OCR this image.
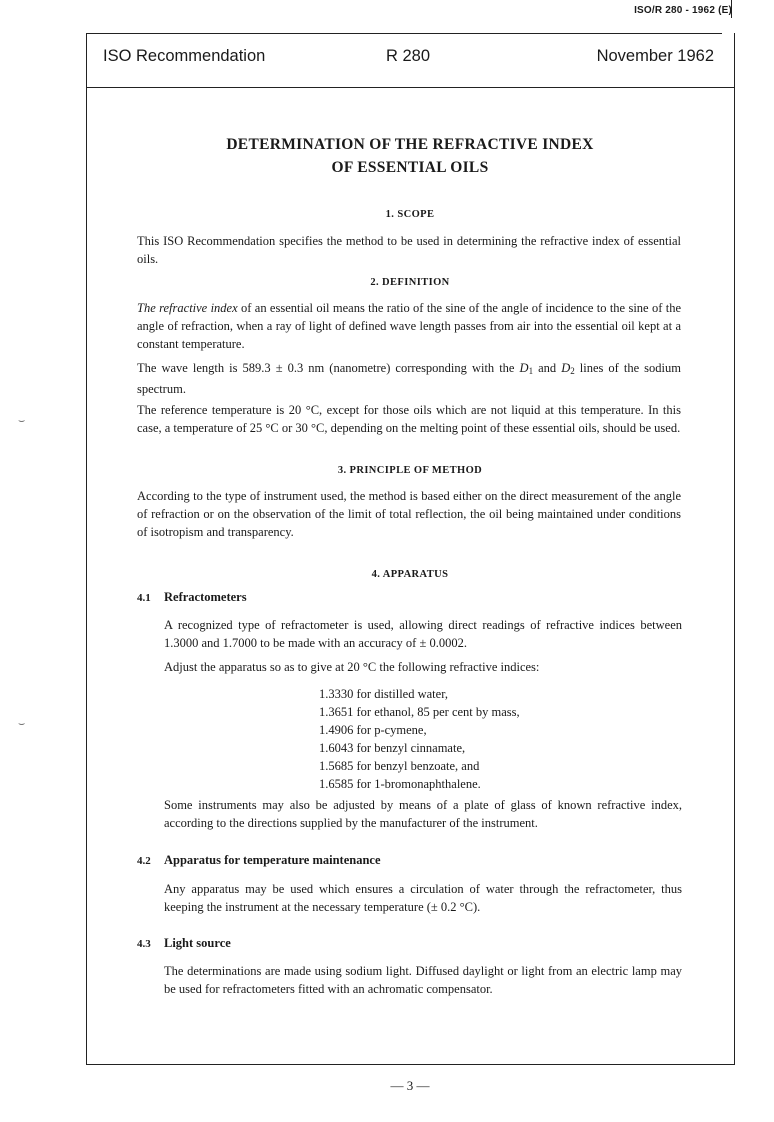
ISO/R 280 - 1962 (E)
ISO Recommendation	R 280	November 1962
DETERMINATION OF THE REFRACTIVE INDEX
OF ESSENTIAL OILS
1. SCOPE
This ISO Recommendation specifies the method to be used in determining the refractive index of essential oils.
2. DEFINITION
The refractive index of an essential oil means the ratio of the sine of the angle of incidence to the sine of the angle of refraction, when a ray of light of defined wave length passes from air into the essential oil kept at a constant temperature.
The wave length is 589.3 ± 0.3 nm (nanometre) corresponding with the $D_1$ and $D_2$ lines of the sodium spectrum.
The reference temperature is 20 °C, except for those oils which are not liquid at this temperature. In this case, a temperature of 25 °C or 30 °C, depending on the melting point of these essential oils, should be used.
3. PRINCIPLE OF METHOD
According to the type of instrument used, the method is based either on the direct measurement of the angle of refraction or on the observation of the limit of total reflection, the oil being maintained under conditions of isotropism and transparency.
4. APPARATUS
4.1 Refractometers
A recognized type of refractometer is used, allowing direct readings of refractive indices between 1.3000 and 1.7000 to be made with an accuracy of ± 0.0002.
Adjust the apparatus so as to give at 20 °C the following refractive indices:
1.3330 for distilled water,
1.3651 for ethanol, 85 per cent by mass,
1.4906 for p-cymene,
1.6043 for benzyl cinnamate,
1.5685 for benzyl benzoate, and
1.6585 for 1-bromonaphthalene.
Some instruments may also be adjusted by means of a plate of glass of known refractive index, according to the directions supplied by the manufacturer of the instrument.
4.2 Apparatus for temperature maintenance
Any apparatus may be used which ensures a circulation of water through the refractometer, thus keeping the instrument at the necessary temperature (± 0.2 °C).
4.3 Light source
The determinations are made using sodium light. Diffused daylight or light from an electric lamp may be used for refractometers fitted with an achromatic compensator.
— 3 —
⌣
⌣
